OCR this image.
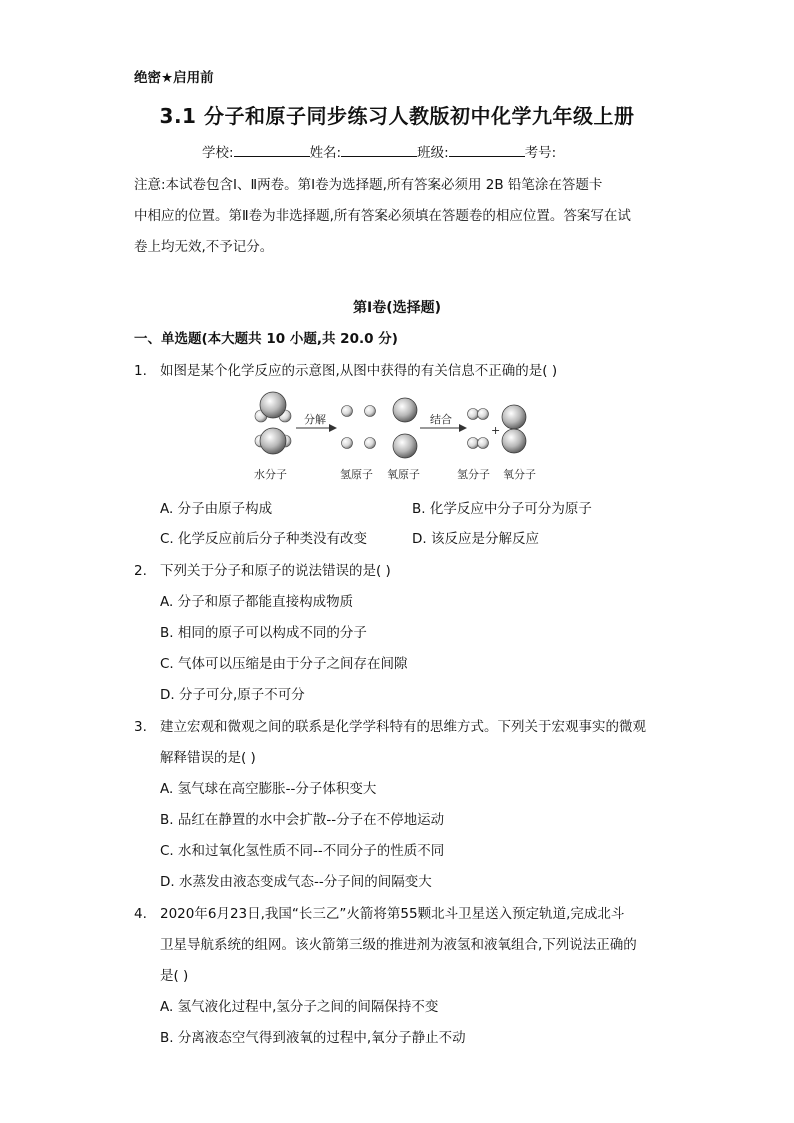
绝密★启用前
3.1 分子和原子同步练习人教版初中化学九年级上册
学校:	姓名:	班级:	考号:

注意:本试卷包含Ⅰ、Ⅱ两卷。第Ⅰ卷为选择题,所有答案必须用 2B 铅笔涂在答题卡

中相应的位置。第Ⅱ卷为非选择题,所有答案必须填在答题卷的相应位置。答案写在试

卷上均无效,不予记分。

第Ⅰ卷(选择题)
一、单选题(本大题共 10 小题,共 20.0 分)
1. 如图是某个化学反应的示意图,从图中获得的有关信息不正确的是( )
分解	结合
+
水分子	氢原子 氧原子	氢分子 氧分子
A. 分子由原子构成	B. 化学反应中分子可分为原子
C. 化学反应前后分子种类没有改变	D. 该反应是分解反应
2. 下列关于分子和原子的说法错误的是( )
A. 分子和原子都能直接构成物质
B. 相同的原子可以构成不同的分子
C. 气体可以压缩是由于分子之间存在间隙
D. 分子可分,原子不可分
3. 建立宏观和微观之间的联系是化学学科特有的思维方式。下列关于宏观事实的微观
解释错误的是( )
A. 氢气球在高空膨胀--分子体积变大
B. 品红在静置的水中会扩散--分子在不停地运动
C. 水和过氧化氢性质不同--不同分子的性质不同
D. 水蒸发由液态变成气态--分子间的间隔变大
4. 2020年6月23日,我国“长三乙”火箭将第55颗北斗卫星送入预定轨道,完成北斗
卫星导航系统的组网。该火箭第三级的推进剂为液氢和液氧组合,下列说法正确的
是( )
A. 氢气液化过程中,氢分子之间的间隔保持不变
B. 分离液态空气得到液氧的过程中,氧分子静止不动
